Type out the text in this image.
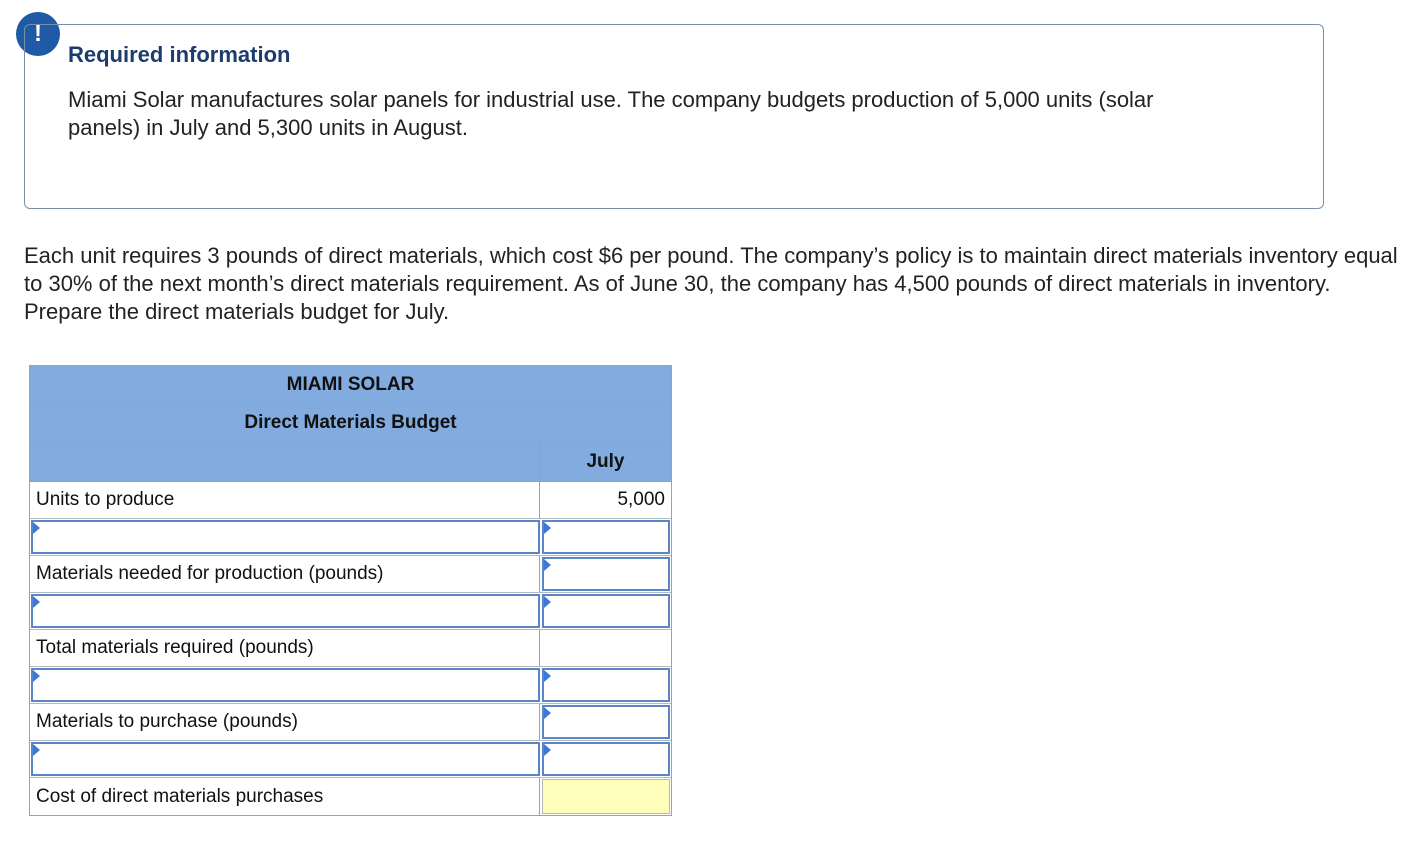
!
Required information
Miami Solar manufactures solar panels for industrial use. The company budgets production of 5,000 units (solar panels) in July and 5,300 units in August.
Each unit requires 3 pounds of direct materials, which cost $6 per pound. The company’s policy is to maintain direct materials inventory equal to 30% of the next month’s direct materials requirement. As of June 30, the company has 4,500 pounds of direct materials in inventory. Prepare the direct materials budget for July.
MIAMI SOLAR
Direct Materials Budget
July
Units to produce	5,000
Materials needed for production (pounds)
Total materials required (pounds)
Materials to purchase (pounds)
Cost of direct materials purchases
